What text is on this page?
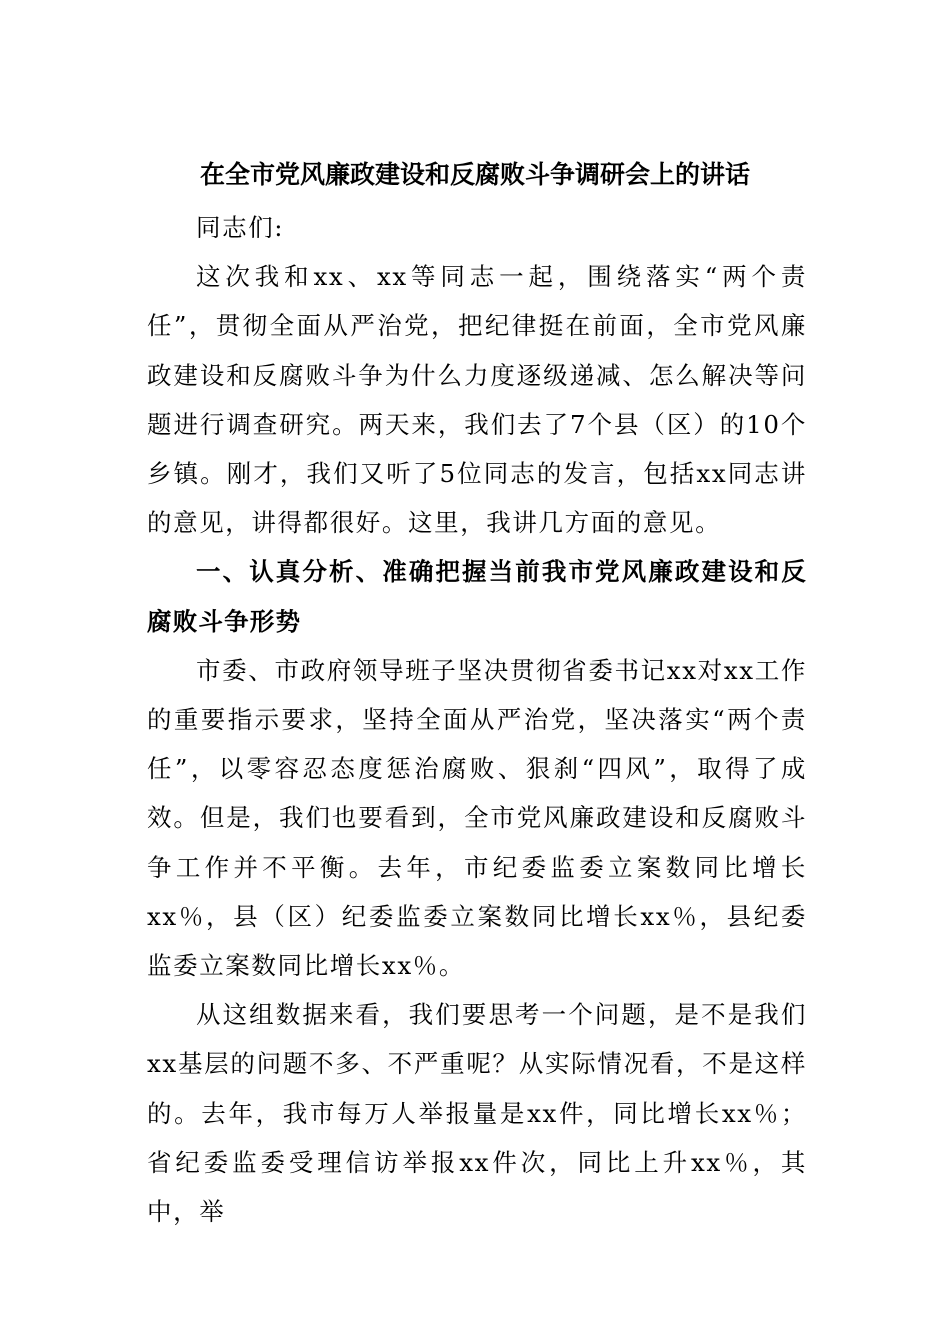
在全市党风廉政建设和反腐败斗争调研会上的讲话

同志们:

这次我和xx、xx等同志一起，围绕落实“两个责任”，贯彻全面从严治党，把纪律挺在前面，全市党风廉政建设和反腐败斗争为什么力度逐级递减、怎么解决等问题进行调查研究。两天来，我们去了7个县（区）的10个乡镇。刚才，我们又听了5位同志的发言，包括xx同志讲的意见，讲得都很好。这里，我讲几方面的意见。

一、认真分析、准确把握当前我市党风廉政建设和反腐败斗争形势

市委、市政府领导班子坚决贯彻省委书记xx对xx工作的重要指示要求，坚持全面从严治党，坚决落实“两个责任”，以零容忍态度惩治腐败、狠刹“四风”，取得了成效。但是，我们也要看到，全市党风廉政建设和反腐败斗争工作并不平衡。去年，市纪委监委立案数同比增长xx％，县（区）纪委监委立案数同比增长xx％，县纪委监委立案数同比增长xx％。

从这组数据来看，我们要思考一个问题，是不是我们xx基层的问题不多、不严重呢？从实际情况看，不是这样的。去年，我市每万人举报量是xx件，同比增长xx％；省纪委监委受理信访举报xx件次，同比上升xx％，其中，举
